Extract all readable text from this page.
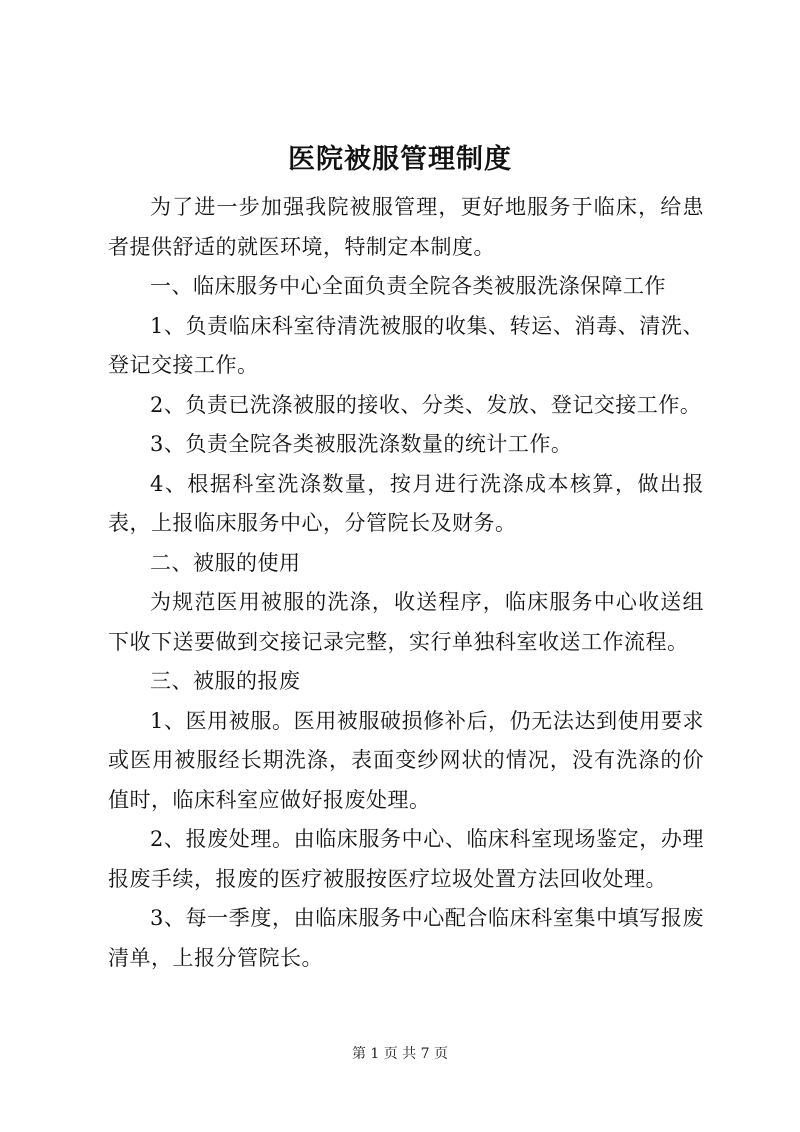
医院被服管理制度

为了进一步加强我院被服管理，更好地服务于临床，给患者提供舒适的就医环境，特制定本制度。

一、临床服务中心全面负责全院各类被服洗涤保障工作

1、负责临床科室待清洗被服的收集、转运、消毒、清洗、登记交接工作。

2、负责已洗涤被服的接收、分类、发放、登记交接工作。

3、负责全院各类被服洗涤数量的统计工作。

4、根据科室洗涤数量，按月进行洗涤成本核算，做出报表，上报临床服务中心，分管院长及财务。

二、被服的使用

为规范医用被服的洗涤，收送程序，临床服务中心收送组下收下送要做到交接记录完整，实行单独科室收送工作流程。

三、被服的报废

1、医用被服。医用被服破损修补后，仍无法达到使用要求或医用被服经长期洗涤，表面变纱网状的情况，没有洗涤的价值时，临床科室应做好报废处理。

2、报废处理。由临床服务中心、临床科室现场鉴定，办理报废手续，报废的医疗被服按医疗垃圾处置方法回收处理。

3、每一季度，由临床服务中心配合临床科室集中填写报废清单，上报分管院长。

第 1 页 共 7 页
